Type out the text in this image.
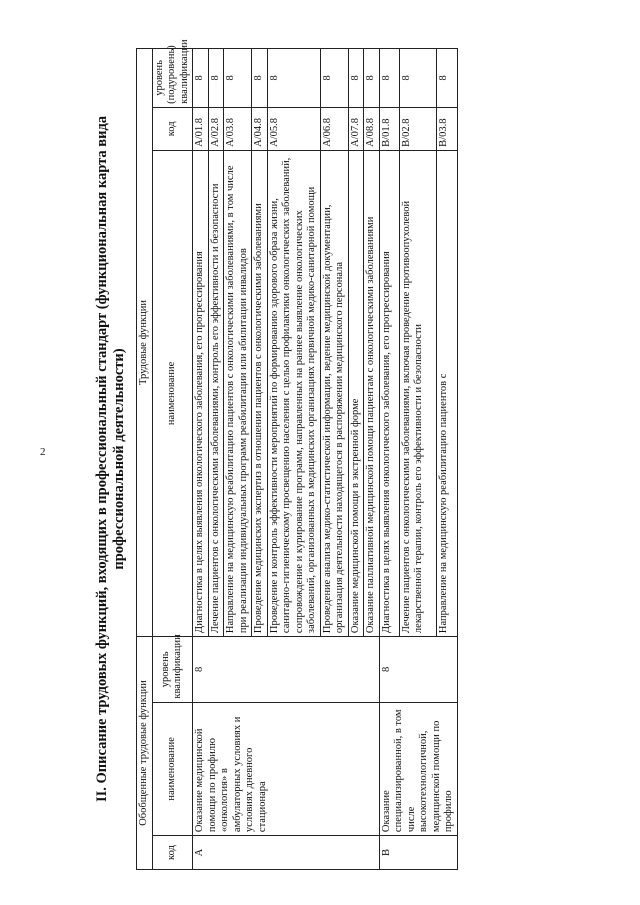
2	II. Описание трудовых функций, входящих в профессиональный стандарт (функциональная карта вида профессиональной деятельности)
Обобщенные трудовые функции			Трудовые функции		
код	наименование	уровень квалификации	наименование	код	уровень (подуровень) квалификации
A	Оказание медицинской помощи по профилю «онкология» в амбулаторных условиях и условиях дневного стационара	8	Диагностика в целях выявления онкологического заболевания, его прогрессирования	A/01.8	8
			Лечение пациентов с онкологическими заболеваниями, контроль его эффективности и безопасности	A/02.8	8
			Направление на медицинскую реабилитацию пациентов с онкологическими заболеваниями, в том числе при реализации индивидуальных программ реабилитации или абилитации инвалидов	A/03.8	8
			Проведение медицинских экспертиз в отношении пациентов с онкологическими заболеваниями	A/04.8	8
			Проведение и контроль эффективности мероприятий по формированию здорового образа жизни, санитарно-гигиеническому просвещению населения с целью профилактики онкологических заболеваний, сопровождение и курирование программ, направленных на раннее выявление онкологических заболеваний, организованных в медицинских организациях первичной медико-санитарной помощи	A/05.8	8
			Проведение анализа медико-статистической информации, ведение медицинской документации, организация деятельности находящегося в распоряжении медицинского персонала	A/06.8	8
			Оказание медицинской помощи в экстренной форме	A/07.8	8
			Оказание паллиативной медицинской помощи пациентам с онкологическими заболеваниями	A/08.8	8
B	Оказание специализированной, в том числе высокотехнологичной, медицинской помощи по профилю	8	Диагностика в целях выявления онкологического заболевания, его прогрессирования	B/01.8	8
			Лечение пациентов с онкологическими заболеваниями, включая проведение противоопухолевой лекарственной терапии, контроль его эффективности и безопасности	B/02.8	8
			Направление на медицинскую реабилитацию пациентов с	B/03.8	8
